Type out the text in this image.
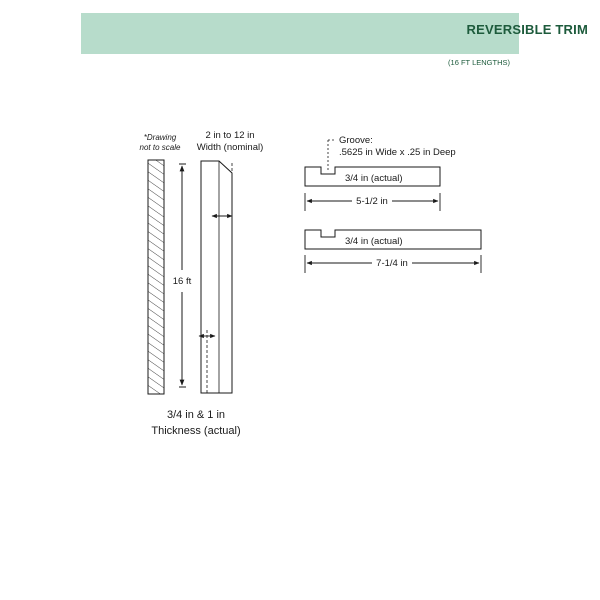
REVERSIBLE TRIM
(16 FT LENGTHS)
*Drawing
not to scale
16 ft
2 in to 12 in
Width (nominal)
3/4 in & 1 in
Thickness (actual)
Groove:
.5625 in Wide x .25 in Deep
3/4 in (actual)
5-1/2 in
3/4 in (actual)
7-1/4 in
